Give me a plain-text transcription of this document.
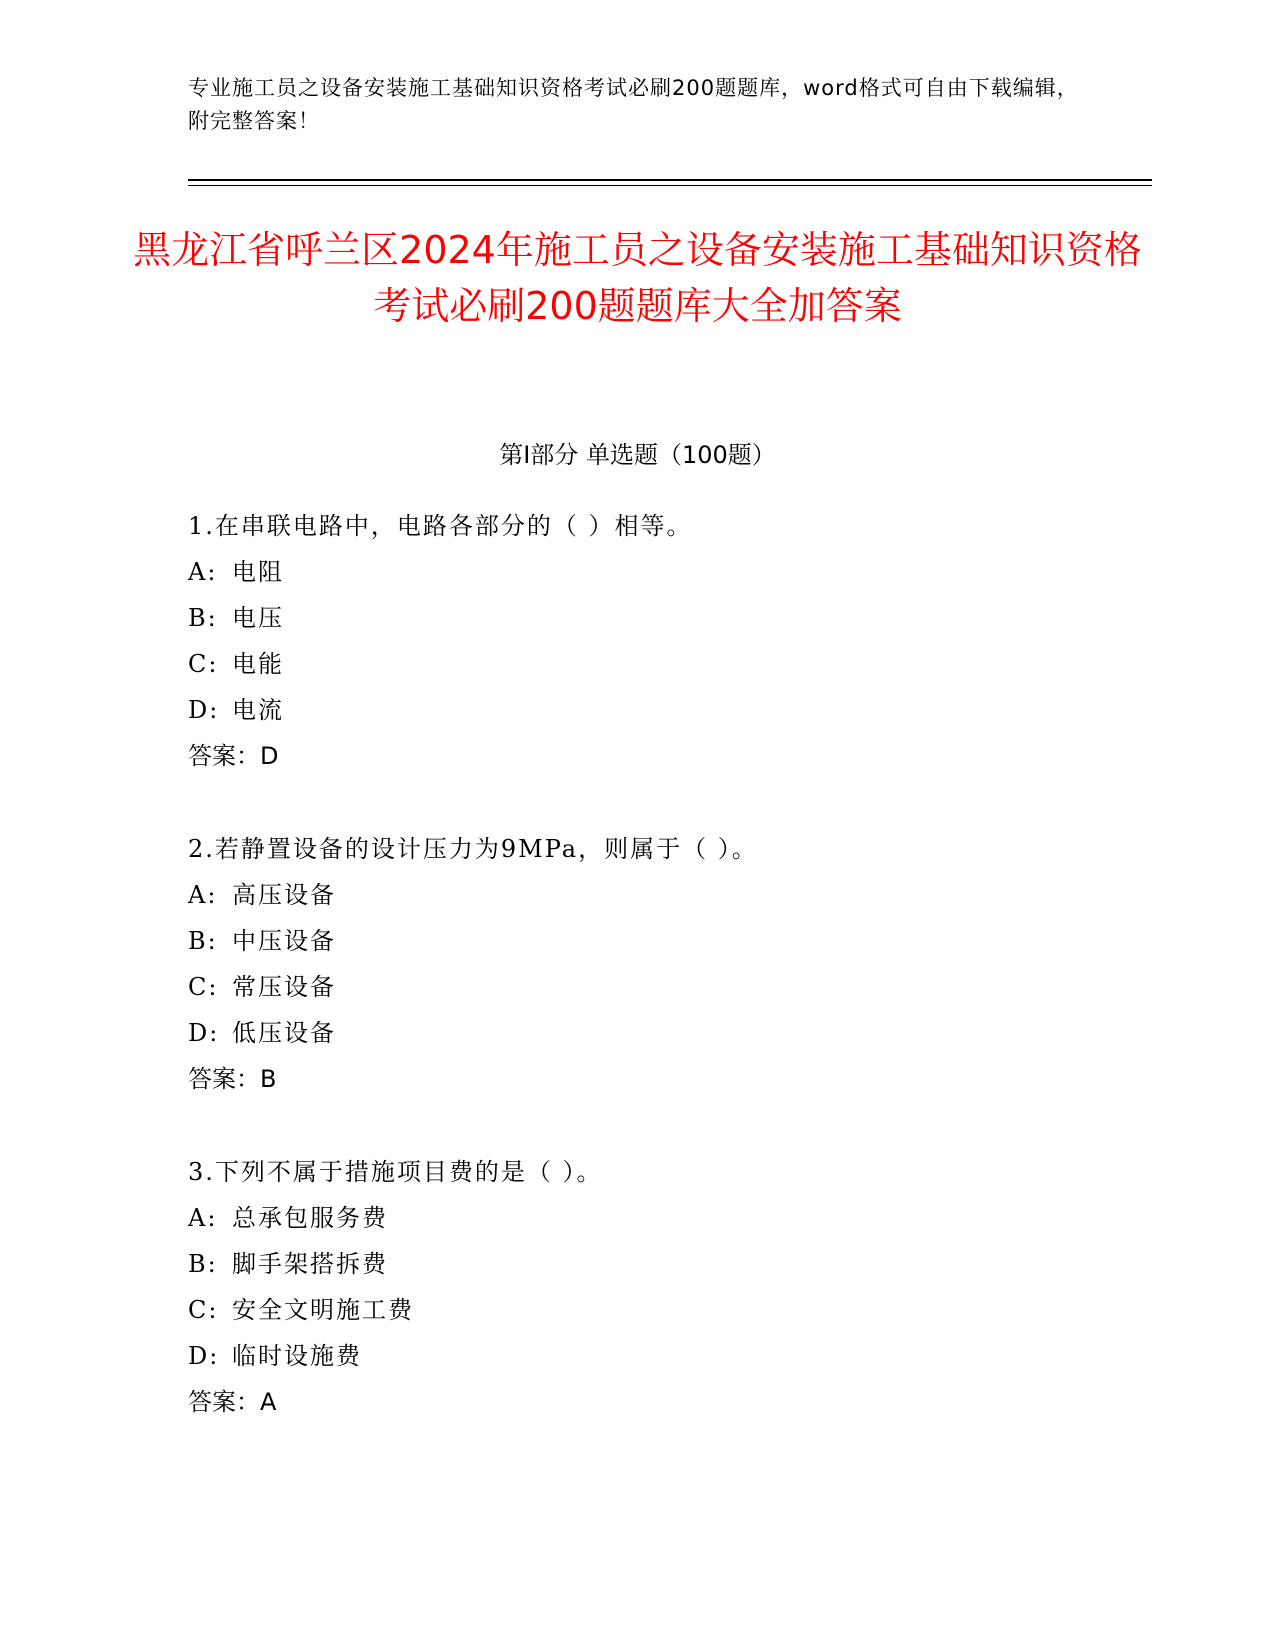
专业施工员之设备安装施工基础知识资格考试必刷200题题库，word格式可自由下载编辑，附完整答案！
黑龙江省呼兰区2024年施工员之设备安装施工基础知识资格考试必刷200题题库大全加答案
第Ⅰ部分 单选题（100题）
1.在串联电路中，电路各部分的（ ）相等。
A: 电阻
B: 电压
C: 电能
D: 电流
答案：D
2.若静置设备的设计压力为9MPa，则属于（ ）。
A: 高压设备
B: 中压设备
C: 常压设备
D: 低压设备
答案：B
3.下列不属于措施项目费的是（ ）。
A: 总承包服务费
B: 脚手架搭拆费
C: 安全文明施工费
D: 临时设施费
答案：A
